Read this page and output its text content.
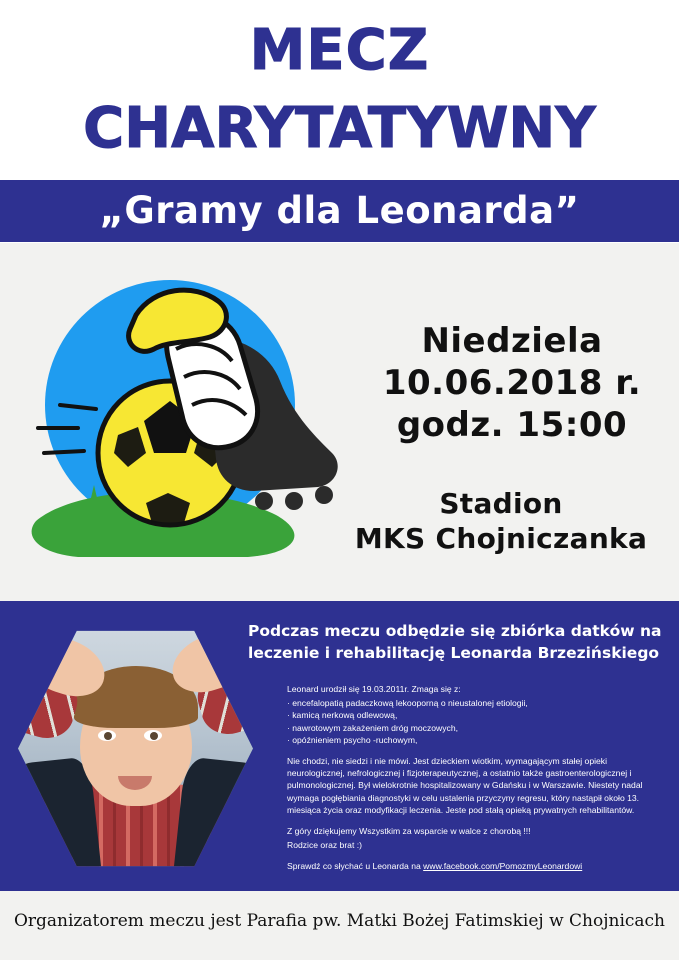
MECZ
CHARYTATYWNY
„Gramy dla Leonarda”
Niedziela
10.06.2018 r.
godz. 15:00
Stadion
MKS Chojniczanka
Podczas meczu odbędzie się zbiórka datków na leczenie i rehabilitację Leonarda Brzezińskiego

Leonard urodził się 19.03.2011r. Zmaga się z:

· encefalopatią padaczkową lekooporną o nieustalonej etiologii,
· kamicą nerkową odlewową,
· nawrotowym zakażeniem dróg moczowych,
· opóźnieniem psycho -ruchowym,

Nie chodzi, nie siedzi i nie mówi. Jest dzieckiem wiotkim, wymagającym stałej opieki neurologicznej, nefrologicznej i fizjoterapeutycznej, a ostatnio także gastroenterologicznej i pulmonologicznej. Był wielokrotnie hospitalizowany w Gdańsku i w Warszawie. Niestety nadal wymaga pogłębiania diagnostyki w celu ustalenia przyczyny regresu, który nastąpił około 13. miesiąca życia oraz modyfikacji leczenia. Jeste pod stałą opieką prywatnych rehabilitantów.

Z góry dziękujemy Wszystkim za wsparcie w walce z chorobą !!!

Rodzice oraz brat :)

Sprawdź co słychać u Leonarda na www.facebook.com/PomozmyLeonardowi

Organizatorem meczu jest Parafia pw. Matki Bożej Fatimskiej w Chojnicach
